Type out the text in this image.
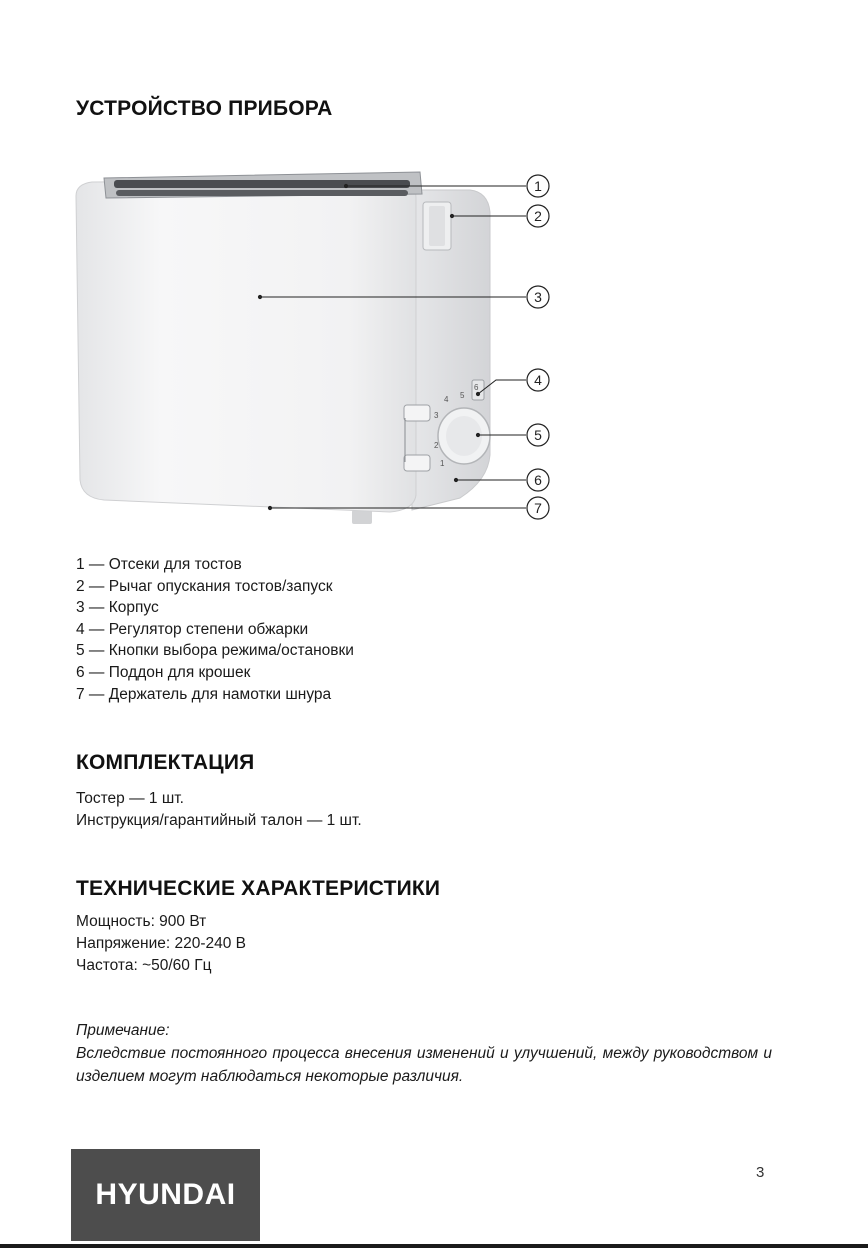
УСТРОЙСТВО ПРИБОРА
1
2
3
4 5
6
1
2
3
4
5
6
7
1 — Отсеки для тостов
2 — Рычаг опускания тостов/запуск
3 — Корпус
4 — Регулятор степени обжарки
5 — Кнопки выбора режима/остановки
6 — Поддон для крошек
7 — Держатель для намотки шнура
КОМПЛЕКТАЦИЯ
Тостер — 1 шт.
Инструкция/гарантийный талон — 1 шт.
ТЕХНИЧЕСКИЕ ХАРАКТЕРИСТИКИ
Мощность: 900 Вт
Напряжение: 220-240 В
Частота: ~50/60 Гц
Примечание:
Вследствие постоянного процесса внесения изменений и улучшений, между руководством и изделием могут наблюдаться некоторые различия.
HYUNDAI
3
